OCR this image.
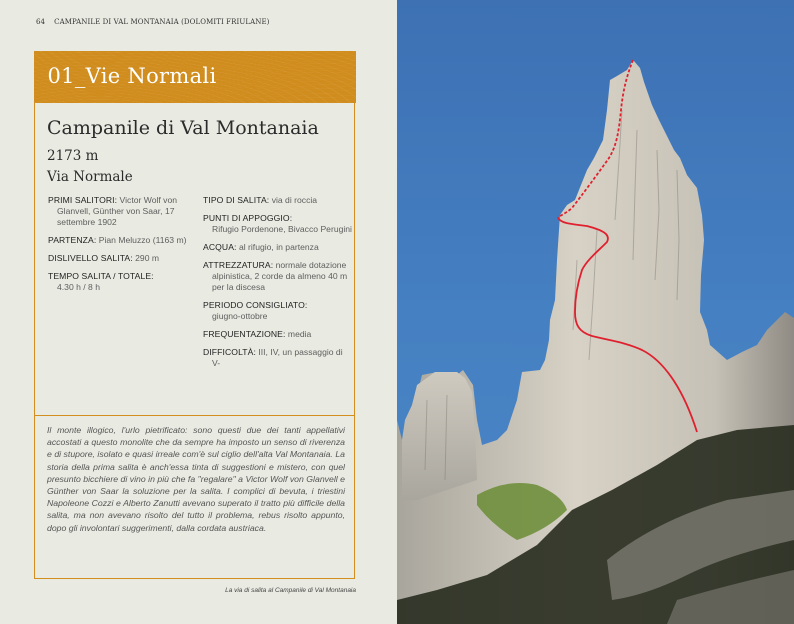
64 CAMPANILE DI VAL MONTANAIA (DOLOMITI FRIULANE)
01_Vie Normali
Campanile di Val Montanaia
2173 m
Via Normale
PRIMI SALITORI: Victor Wolf von Glanvell, Günther von Saar, 17 settembre 1902
PARTENZA: Pian Meluzzo (1163 m)
DISLIVELLO SALITA: 290 m
TEMPO SALITA / TOTALE:
4.30 h / 8 h
TIPO DI SALITA: via di roccia
PUNTI DI APPOGGIO:
Rifugio Pordenone, Bivacco Perugini
ACQUA: al rifugio, in partenza
ATTREZZATURA: normale dotazione alpinistica, 2 corde da almeno 40 m per la discesa
PERIODO CONSIGLIATO:
giugno-ottobre
FREQUENTAZIONE: media
DIFFICOLTÀ: III, IV, un passaggio di V-
Il monte illogico, l'urlo pietrificato: sono questi due dei tanti appellativi accostati a questo monolite che da sempre ha imposto un senso di riverenza e di stupore, isolato e quasi irreale com'è sul ciglio dell'alta Val Montanaia. La storia della prima salita è anch'essa tinta di suggestioni e mistero, con quel presunto bicchiere di vino in più che fa "regalare" a Victor Wolf von Glanvell e Günther von Saar la soluzione per la salita. I complici di bevuta, i triestini Napoleone Cozzi e Alberto Zanutti avevano superato il tratto più difficile della salita, ma non avevano risolto del tutto il problema, rebus risolto appunto, dopo gli involontari suggerimenti, dalla cordata austriaca.
La via di salita al Campanile di Val Montanaia
